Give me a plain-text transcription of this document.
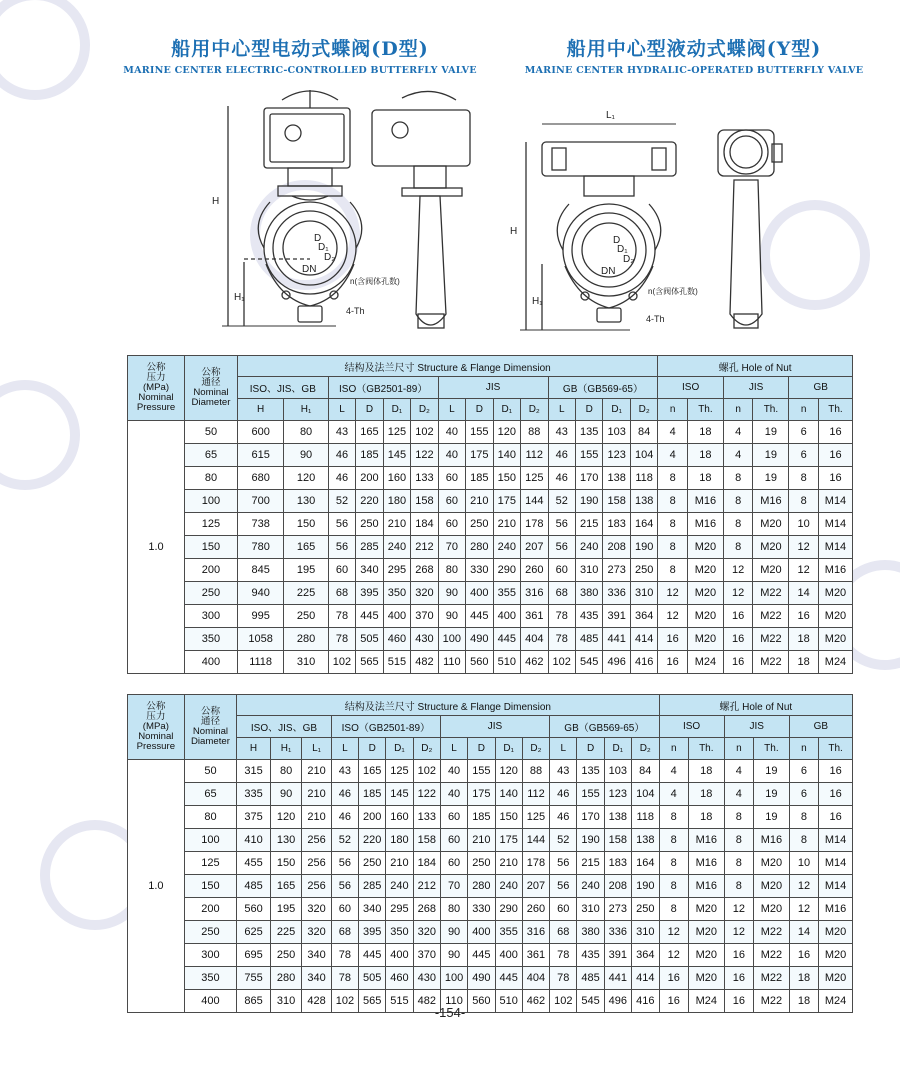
船用中心型电动式蝶阀(D型)
MARINE CENTER ELECTRIC-CONTROLLED BUTTERFLY VALVE
船用中心型液动式蝶阀(Y型)
MARINE CENTER HYDRALIC-OPERATED BUTTERFLY VALVE
H
H₁
D
D₁
D₂
DN
n(含阀体孔数)
4-Th
H
H₁
L₁
D
D₁
D₂
DN
n(含阀体孔数)
4-Th
公称
压力
(MPa)
Nominal
Pressure	公称
通径
Nominal
Diameter	结构及法兰尺寸 Structure & Flange Dimension														螺孔 Hole of Nut					
		ISO、JIS、GB		ISO（GB2501-89）				JIS				GB（GB569-65）				ISO		JIS		GB	
		H	H₁	L	D	D₁	D₂	L	D	D₁	D₂	L	D	D₁	D₂	n	Th.	n	Th.	n	Th.
1.0	50	600	80	43	165	125	102	40	155	120	88	43	135	103	84	4	18	4	19	6	16
	65	615	90	46	185	145	122	40	175	140	112	46	155	123	104	4	18	4	19	6	16
	80	680	120	46	200	160	133	60	185	150	125	46	170	138	118	8	18	8	19	8	16
	100	700	130	52	220	180	158	60	210	175	144	52	190	158	138	8	M16	8	M16	8	M14
	125	738	150	56	250	210	184	60	250	210	178	56	215	183	164	8	M16	8	M20	10	M14
	150	780	165	56	285	240	212	70	280	240	207	56	240	208	190	8	M20	8	M20	12	M14
	200	845	195	60	340	295	268	80	330	290	260	60	310	273	250	8	M20	12	M20	12	M16
	250	940	225	68	395	350	320	90	400	355	316	68	380	336	310	12	M20	12	M22	14	M20
	300	995	250	78	445	400	370	90	445	400	361	78	435	391	364	12	M20	16	M22	16	M20
	350	1058	280	78	505	460	430	100	490	445	404	78	485	441	414	16	M20	16	M22	18	M20
	400	1118	310	102	565	515	482	110	560	510	462	102	545	496	416	16	M24	16	M22	18	M24
公称
压力
(MPa)
Nominal
Pressure	公称
通径
Nominal
Diameter	结构及法兰尺寸 Structure & Flange Dimension															螺孔 Hole of Nut					
		ISO、JIS、GB			ISO（GB2501-89）				JIS				GB（GB569-65）				ISO		JIS		GB	
		H	H₁	L₁	L	D	D₁	D₂	L	D	D₁	D₂	L	D	D₁	D₂	n	Th.	n	Th.	n	Th.
1.0	50	315	80	210	43	165	125	102	40	155	120	88	43	135	103	84	4	18	4	19	6	16
	65	335	90	210	46	185	145	122	40	175	140	112	46	155	123	104	4	18	4	19	6	16
	80	375	120	210	46	200	160	133	60	185	150	125	46	170	138	118	8	18	8	19	8	16
	100	410	130	256	52	220	180	158	60	210	175	144	52	190	158	138	8	M16	8	M16	8	M14
	125	455	150	256	56	250	210	184	60	250	210	178	56	215	183	164	8	M16	8	M20	10	M14
	150	485	165	256	56	285	240	212	70	280	240	207	56	240	208	190	8	M16	8	M20	12	M14
	200	560	195	320	60	340	295	268	80	330	290	260	60	310	273	250	8	M20	12	M20	12	M16
	250	625	225	320	68	395	350	320	90	400	355	316	68	380	336	310	12	M20	12	M22	14	M20
	300	695	250	340	78	445	400	370	90	445	400	361	78	435	391	364	12	M20	16	M22	16	M20
	350	755	280	340	78	505	460	430	100	490	445	404	78	485	441	414	16	M20	16	M22	18	M20
	400	865	310	428	102	565	515	482	110	560	510	462	102	545	496	416	16	M24	16	M22	18	M24
-154-
